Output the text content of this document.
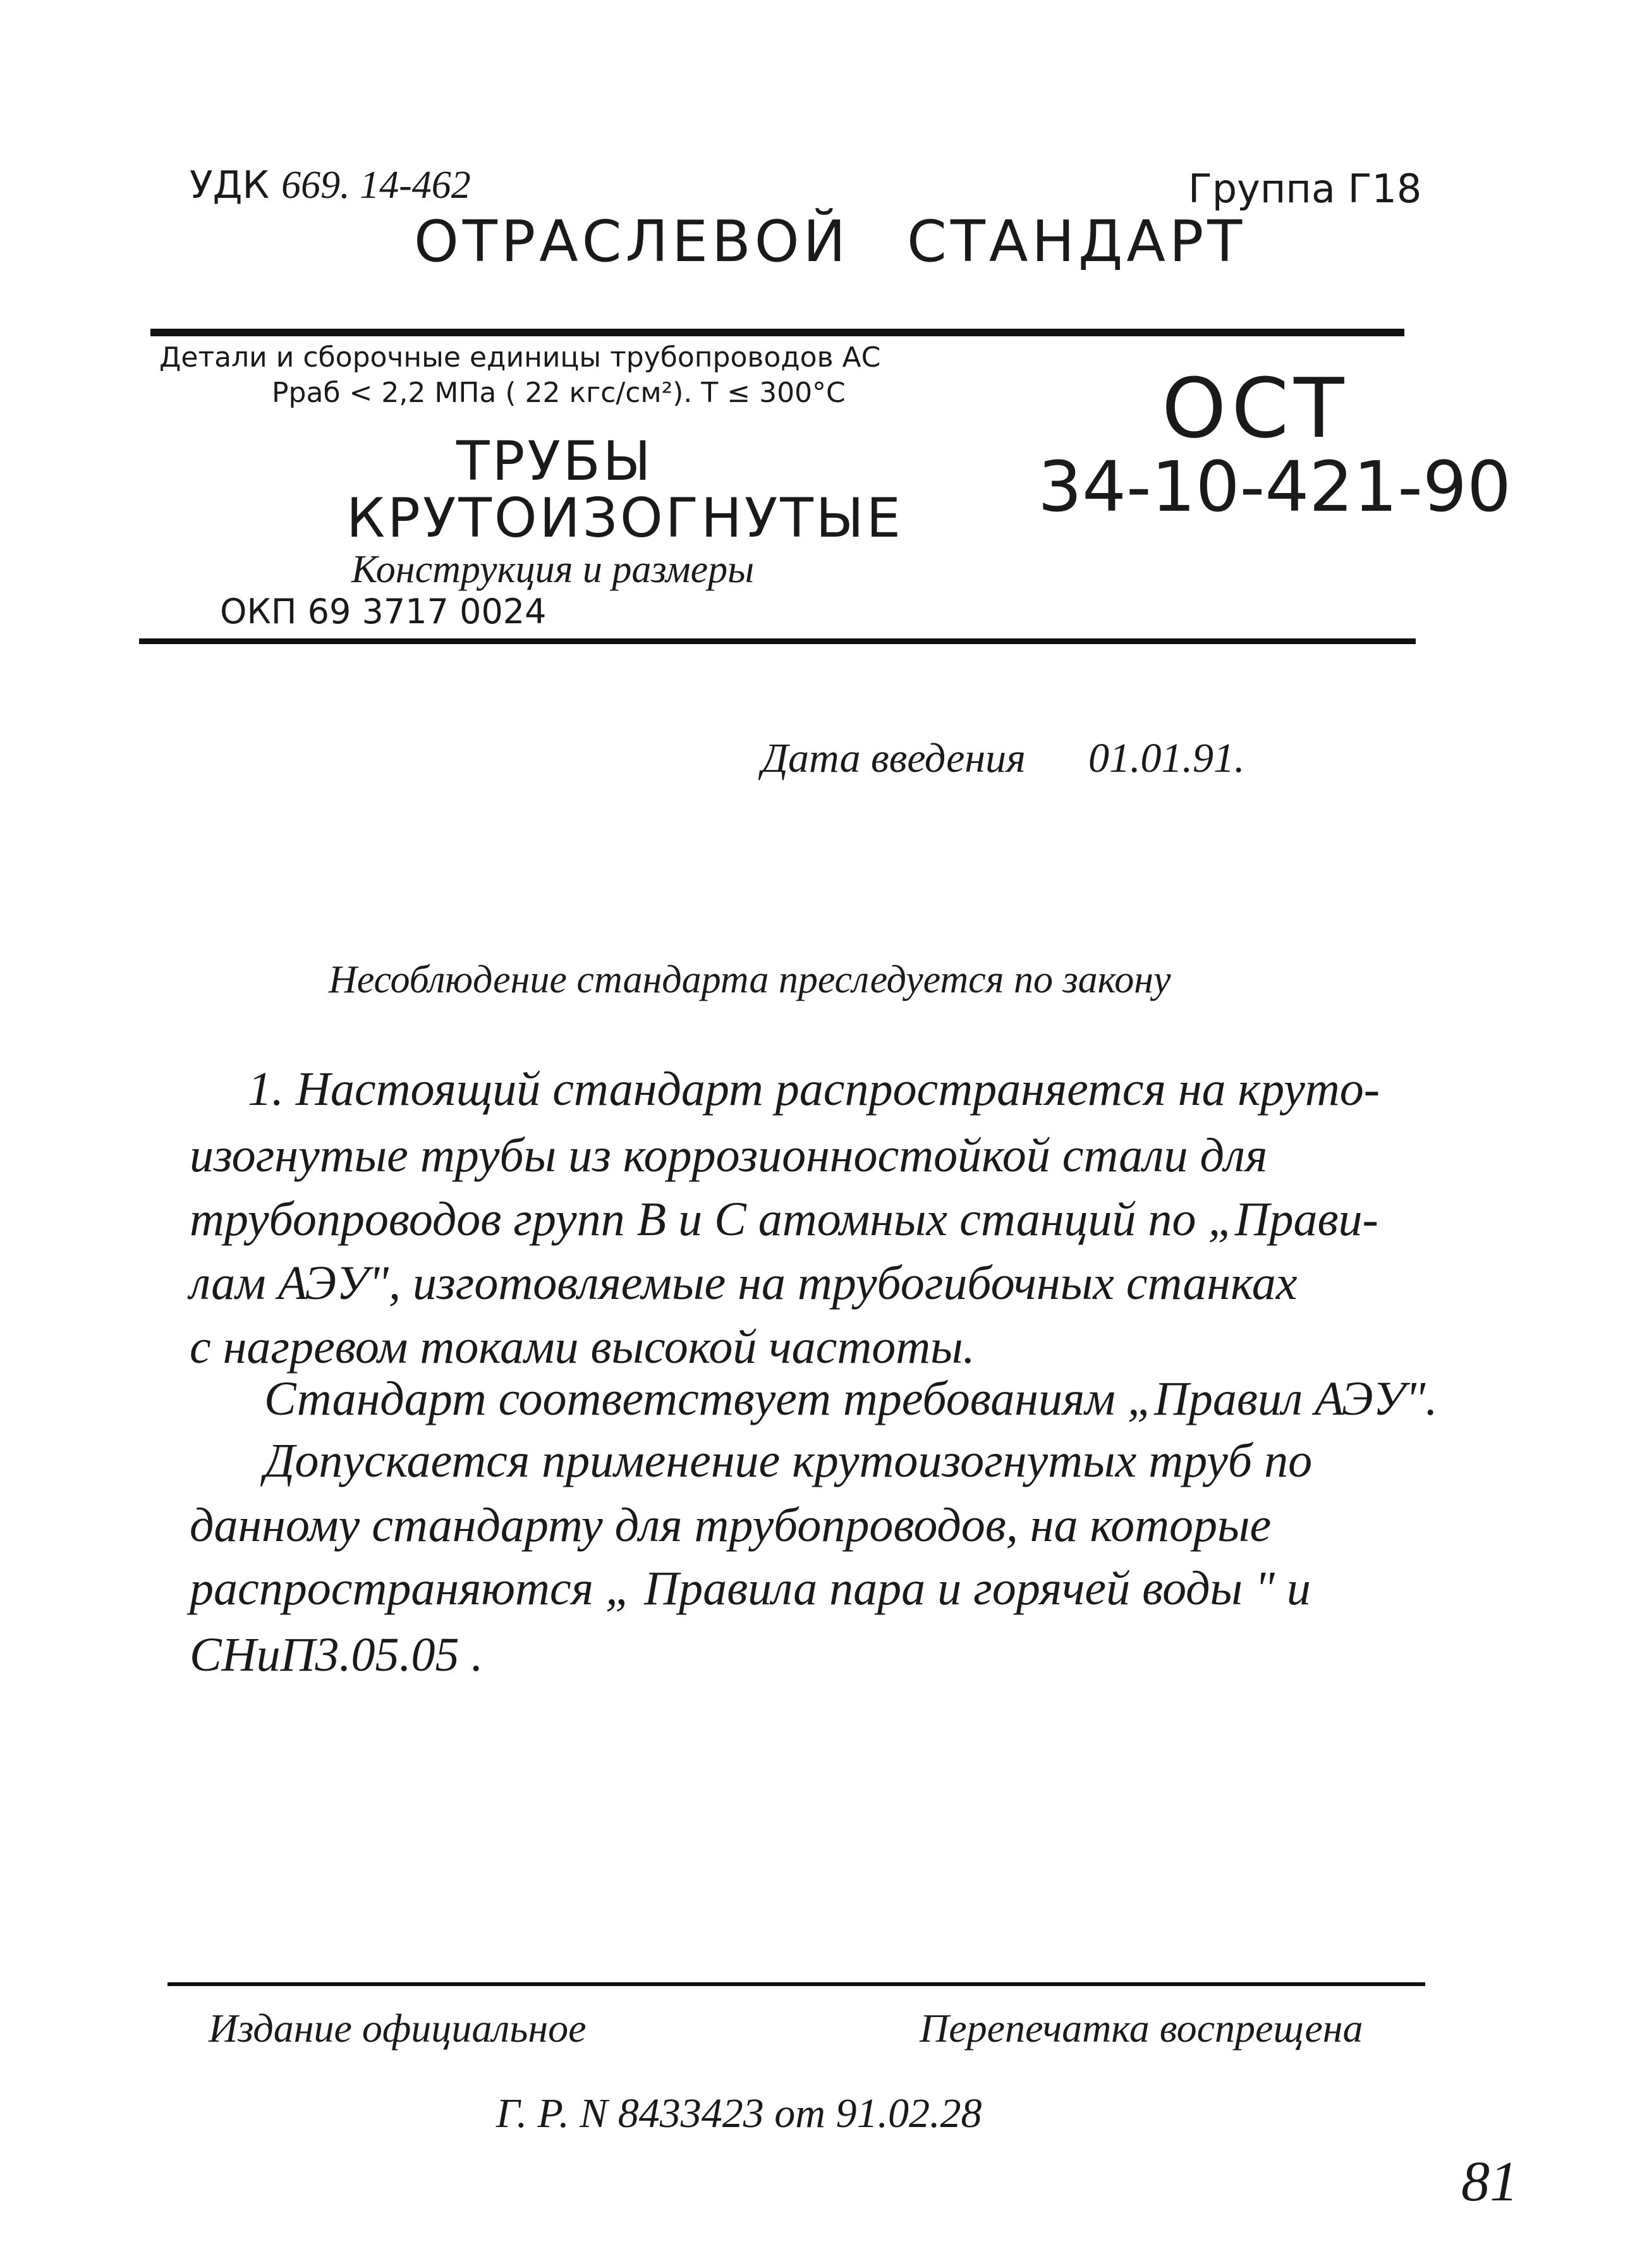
УДК 669. 14-462	Группа Г18
ОТРАСЛЕВОЙ СТАНДАРТ
Детали и сборочные единицы трубопроводов АС
Pраб < 2,2 МПа ( 22 кгс/см²). T ≤ 300°C
ТРУБЫ
КРУТОИЗОГНУТЫЕ
Конструкция и размеры
ОКП 69 3717 0024
ОСТ
34-10-421-90
Дата введения 01.01.91.
Несоблюдение стандарта преследуется по закону
1. Настоящий стандарт распространяется на круто-
изогнутые трубы из коррозионностойкой стали для
трубопроводов групп B и C атомных станций по „Прави-
лам АЭУ", изготовляемые на трубогибочных станках
с нагревом токами высокой частоты.
Стандарт соответствует требованиям „Правил АЭУ".
Допускается применение крутоизогнутых труб по
данному стандарту для трубопроводов, на которые
распространяются „ Правила пара и горячей воды " и
СНиП3.05.05 .
Издание официальное	Перепечатка воспрещена
Г. Р. N 8433423 от 91.02.28
81
